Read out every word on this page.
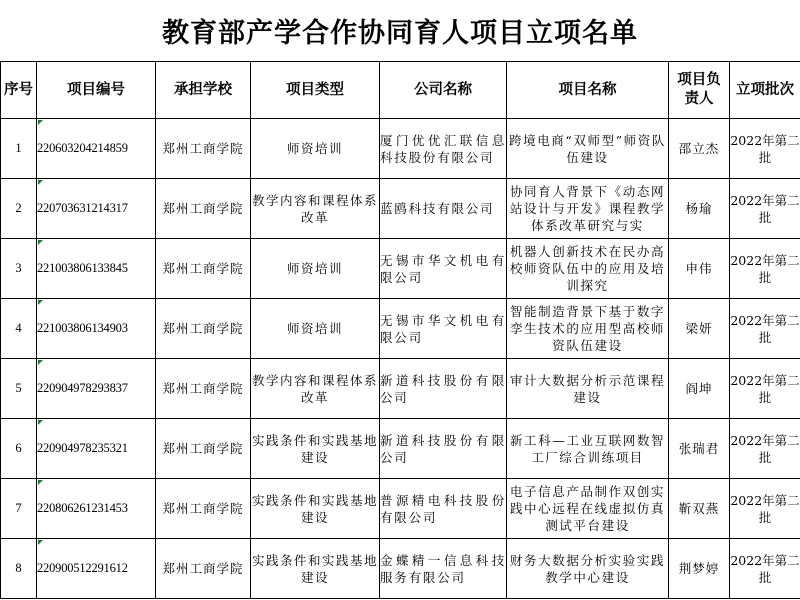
教育部产学合作协同育人项目立项名单
序号	项目编号	承担学校	项目类型	公司名称	项目名称	项目负责人	立项批次

1	220603204214859	郑州工商学院	师资培训	厦门优优汇联信息科技股份有限公司	跨境电商“双师型”师资队伍建设	邵立杰	2022年第二批

2	220703631214317	郑州工商学院	教学内容和课程体系改革	蓝鸥科技有限公司	协同育人背景下《动态网站设计与开发》课程教学体系改革研究与实	杨瑜	2022年第二批

3	221003806133845	郑州工商学院	师资培训	无锡市华文机电有限公司	机器人创新技术在民办高校师资队伍中的应用及培训探究	申伟	2022年第二批

4	221003806134903	郑州工商学院	师资培训	无锡市华文机电有限公司	智能制造背景下基于数字孪生技术的应用型高校师资队伍建设	梁妍	2022年第二批

5	220904978293837	郑州工商学院	教学内容和课程体系改革	新道科技股份有限公司	审计大数据分析示范课程建设	阎坤	2022年第二批

6	220904978235321	郑州工商学院	实践条件和实践基地建设	新道科技股份有限公司	新工科—工业互联网数智工厂综合训练项目	张瑞君	2022年第二批

7	220806261231453	郑州工商学院	实践条件和实践基地建设	普源精电科技股份有限公司	电子信息产品制作双创实践中心远程在线虚拟仿真测试平台建设	靳双燕	2022年第二批

8	220900512291612	郑州工商学院	实践条件和实践基地建设	金蝶精一信息科技服务有限公司	财务大数据分析实验实践教学中心建设	荆梦婷	2022年第二批
